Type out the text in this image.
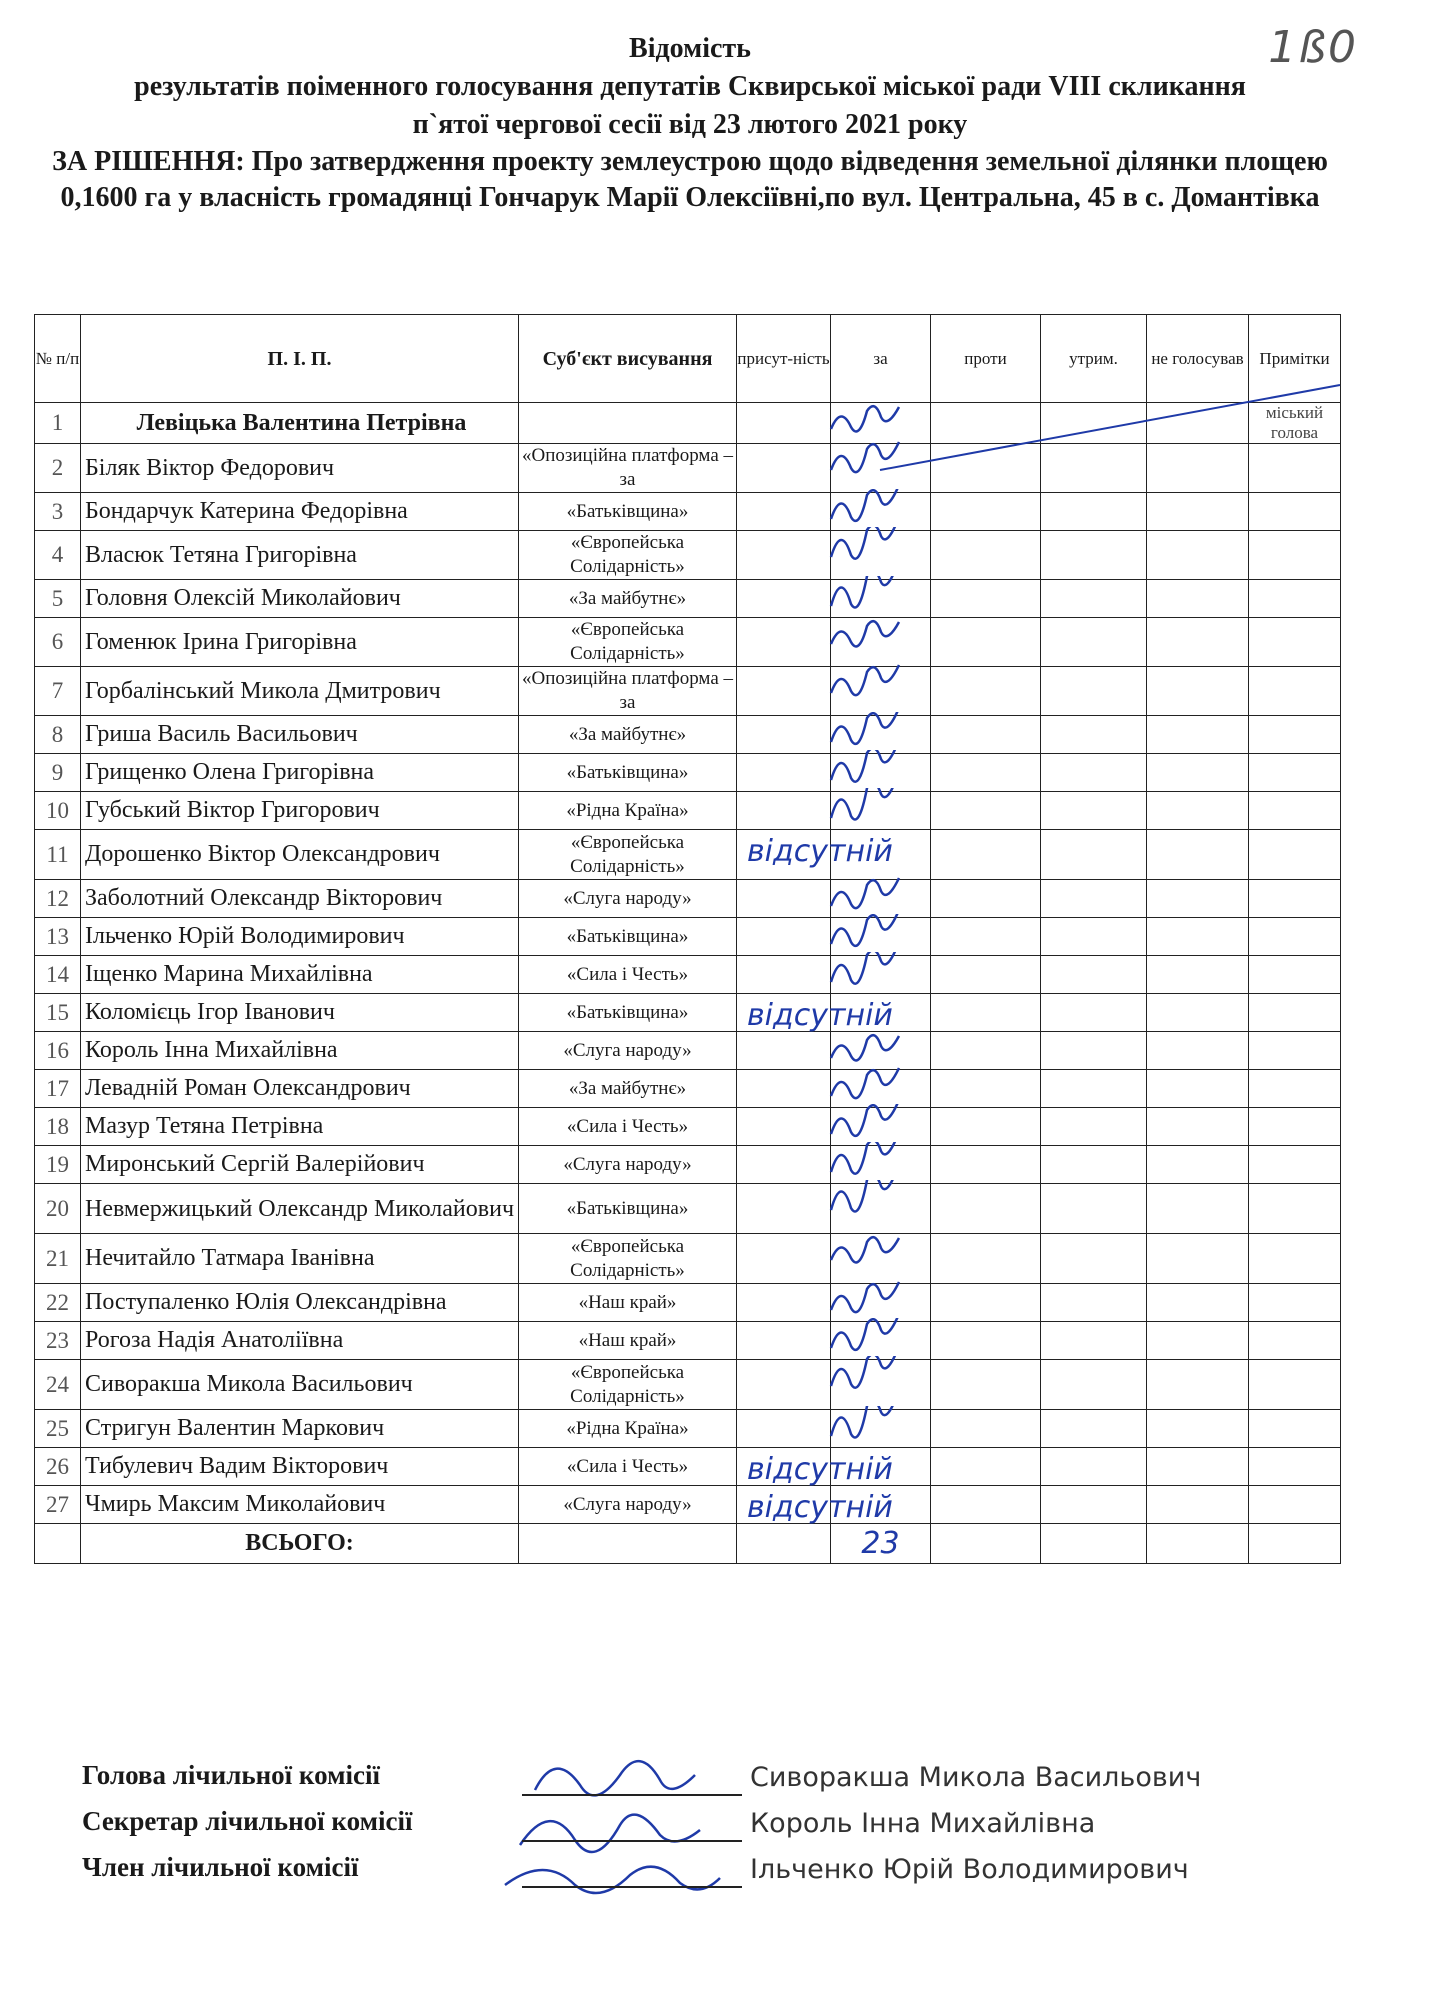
1ß0
Відомість
результатів поіменного голосування депутатів Сквирської міської ради VIII скликання
п`ятої чергової сесії від 23 лютого 2021 року
ЗА РІШЕННЯ: Про затвердження проекту землеустрою щодо відведення земельної ділянки площею 0,1600 га у власність громадянці Гончарук Марії Олексіївні,по вул. Центральна, 45 в с. Домантівка
№ п/п	П. І. П.	Суб'єкт висування	присут-ність	за	проти	утрим.	не голосував	Примітки
1	Левіцька Валентина Петрівна							міський голова
2	Біляк Віктор Федорович	«Опозиційна платформа – за		

3	Бондарчук Катерина Федорівна	«Батьківщина»		

4	Власюк Тетяна Григорівна	«Європейська Солідарність»		

5	Головня Олексій Миколайович	«За майбутнє»		

6	Гоменюк Ірина Григорівна	«Європейська Солідарність»		

7	Горбалінський Микола Дмитрович	«Опозиційна платформа – за		

8	Гриша Василь Васильович	«За майбутнє»		

9	Грищенко Олена Григорівна	«Батьківщина»		

10	Губський Віктор Григорович	«Рідна Країна»		

11	Дорошенко Віктор Олександрович	«Європейська Солідарність»	відсутній					

12	Заболотний Олександр Вікторович	«Слуга народу»		

13	Ільченко Юрій Володимирович	«Батьківщина»		

14	Іщенко Марина Михайлівна	«Сила і Честь»		

15	Коломієць Ігор Іванович	«Батьківщина»	відсутній					

16	Король Інна Михайлівна	«Слуга народу»		

17	Левадній Роман Олександрович	«За майбутнє»		

18	Мазур Тетяна Петрівна	«Сила і Честь»		

19	Миронський Сергій Валерійович	«Слуга народу»		

20	Невмержицький Олександр Миколайович	«Батьківщина»		

21	Нечитайло Татмара Іванівна	«Європейська Солідарність»		

22	Поступаленко Юлія Олександрівна	«Наш край»		

23	Рогоза Надія Анатоліївна	«Наш край»		

24	Сиворакша Микола Васильович	«Європейська Солідарність»		

25	Стригун Валентин Маркович	«Рідна Країна»		

26	Тибулевич Вадим Вікторович	«Сила і Честь»	відсутній					

27	Чмирь Максим Миколайович	«Слуга народу»	відсутній					

	ВСЬОГО:			23				
Голова лічильної комісії	Сиворакша Микола Васильович
Секретар лічильної комісії	Король Інна Михайлівна
Член лічильної комісії	Ільченко Юрій Володимирович
